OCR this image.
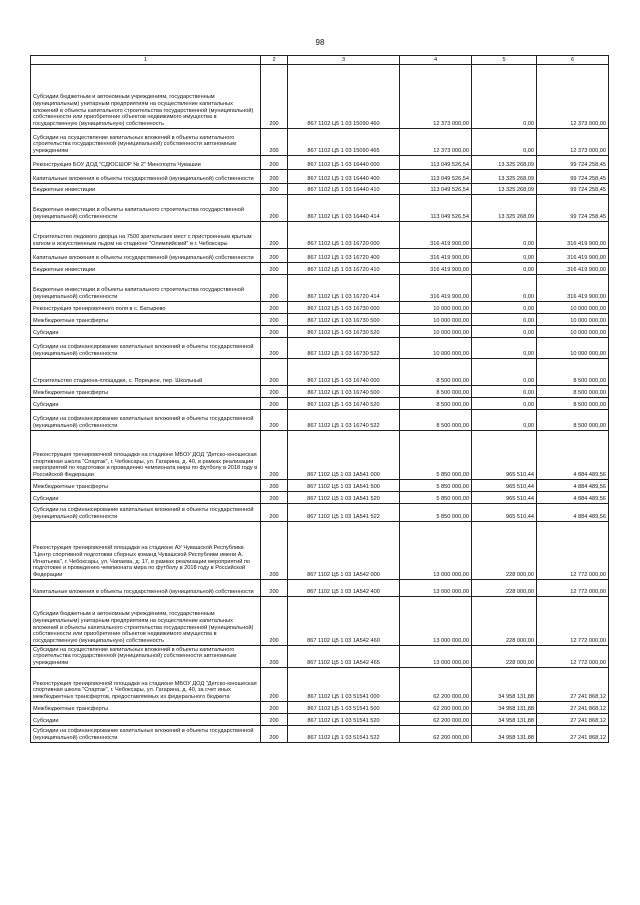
98
1	2	3	4	5	6
Субсидии бюджетным и автономным учреждениям, государственным (муниципальным) унитарным предприятиям на осуществление капитальных вложений в объекты капитального строительства государственной (муниципальной) собственности или приобретение объектов недвижимого имущества в государственную (муниципальную) собственность	200	867 1102 Ц5 1 03 15090 460	12 373 000,00	0,00	12 373 000,00
Субсидии на осуществление капитальных вложений в объекты капитального строительства государственной (муниципальной) собственности автономным учреждениям	200	867 1102 Ц5 1 03 15090 465	12 373 000,00	0,00	12 373 000,00
Реконструкция БОУ ДОД "СДЮСШОР № 2" Минспорта Чувашии	200	867 1102 Ц5 1 03 16440 000	113 049 526,54	13 325 268,09	99 724 258,45
Капитальные вложения в объекты государственной (муниципальной) собственности	200	867 1102 Ц5 1 03 16440 400	113 049 526,54	13 325 268,09	99 724 258,45
Бюджетные инвестиции	200	867 1102 Ц5 1 03 16440 410	113 049 526,54	13 325 268,09	99 724 258,45
Бюджетные инвестиции в объекты капитального строительства государственной (муниципальной) собственности	200	867 1102 Ц5 1 03 16440 414	113 049 526,54	13 325 268,09	99 724 258,45
Строительство ледового дворца на 7500 зрительских мест с пристроенным крытым катком и искусственным льдом на стадионе "Олимпийский" в г. Чебоксары	200	867 1102 Ц5 1 03 16720 000	316 419 900,00	0,00	316 419 900,00
Капитальные вложения в объекты государственной (муниципальной) собственности	200	867 1102 Ц5 1 03 16720 400	316 419 900,00	0,00	316 419 900,00
Бюджетные инвестиции	200	867 1102 Ц5 1 03 16720 410	316 419 900,00	0,00	316 419 900,00
Бюджетные инвестиции в объекты капитального строительства государственной (муниципальной) собственности	200	867 1102 Ц5 1 03 16720 414	316 419 900,00	0,00	316 419 900,00
Реконструкция тренировочного поля в с. Батырево	200	867 1102 Ц5 1 03 16730 000	10 000 000,00	0,00	10 000 000,00
Межбюджетные трансферты	200	867 1102 Ц5 1 03 16730 500	10 000 000,00	0,00	10 000 000,00
Субсидии	200	867 1102 Ц5 1 03 16730 520	10 000 000,00	0,00	10 000 000,00
Субсидии на софинансирование капитальных вложений в объекты государственной (муниципальной) собственности	200	867 1102 Ц5 1 03 16730 522	10 000 000,00	0,00	10 000 000,00
Строительство стадиона-площадки, с. Порецкое, пер. Школьный	200	867 1102 Ц5 1 03 16740 000	8 500 000,00	0,00	8 500 000,00
Межбюджетные трансферты	200	867 1102 Ц5 1 03 16740 500	8 500 000,00	0,00	8 500 000,00
Субсидии	200	867 1102 Ц5 1 03 16740 520	8 500 000,00	0,00	8 500 000,00
Субсидии на софинансирование капитальных вложений в объекты государственной (муниципальной) собственности	200	867 1102 Ц5 1 03 16740 522	8 500 000,00	0,00	8 500 000,00
Реконструкция тренировочной площадки на стадионе МБОУ ДОД "Детско-юношеская спортивная школа "Спартак", г. Чебоксары, ул. Гагарина, д. 40, в рамках реализации мероприятий по подготовке и проведению чемпионата мира по футболу в 2018 году в Российской Федерации	200	867 1102 Ц5 1 03 1А541 000	5 850 000,00	965 510,44	4 884 489,56
Межбюджетные трансферты	200	867 1102 Ц5 1 03 1А541 500	5 850 000,00	965 510,44	4 884 489,56
Субсидии	200	867 1102 Ц5 1 03 1А541 520	5 850 000,00	965 510,44	4 884 489,56
Субсидии на софинансирование капитальных вложений в объекты государственной (муниципальной) собственности	200	867 1102 Ц5 1 03 1А541 522	5 850 000,00	965 510,44	4 884 489,56
Реконструкция тренировочной площадки на стадионе АУ Чувашской Республики "Центр спортивной подготовки сборных команд Чувашской Республики имени А. Игнатьева", г. Чебоксары, ул. Чапаева, д. 17, в рамках реализации мероприятий по подготовке и проведению чемпионата мира по футболу в 2018 году в Российской Федерации	200	867 1102 Ц5 1 03 1А542 000	13 000 000,00	228 000,00	12 772 000,00
Капитальные вложения в объекты государственной (муниципальной) собственности	200	867 1102 Ц5 1 03 1А542 400	13 000 000,00	228 000,00	12 772 000,00
Субсидии бюджетным и автономным учреждениям, государственным (муниципальным) унитарным предприятиям на осуществление капитальных вложений в объекты капитального строительства государственной (муниципальной) собственности или приобретение объектов недвижимого имущества в государственную (муниципальную) собственность	200	867 1102 Ц5 1 03 1А542 460	13 000 000,00	228 000,00	12 772 000,00
Субсидии на осуществление капитальных вложений в объекты капитального строительства государственной (муниципальной) собственности автономным учреждениям	200	867 1102 Ц5 1 03 1А542 465	13 000 000,00	228 000,00	12 772 000,00
Реконструкция тренировочной площадки на стадионе МБОУ ДОД "Детско-юношеская спортивная школа "Спартак", г. Чебоксары, ул. Гагарина, д. 40, за счет иных межбюджетных трансфертов, предоставляемых из федерального бюджета	200	867 1102 Ц5 1 03 51541 000	62 200 000,00	34 958 131,88	27 241 868,12
Межбюджетные трансферты	200	867 1102 Ц5 1 03 51541 500	62 200 000,00	34 958 131,88	27 241 868,12
Субсидии	200	867 1102 Ц5 1 03 51541 520	62 200 000,00	34 958 131,88	27 241 868,12
Субсидии на софинансирование капитальных вложений в объекты государственной (муниципальной) собственности	200	867 1102 Ц5 1 03 51541 522	62 200 000,00	34 958 131,88	27 241 868,12
